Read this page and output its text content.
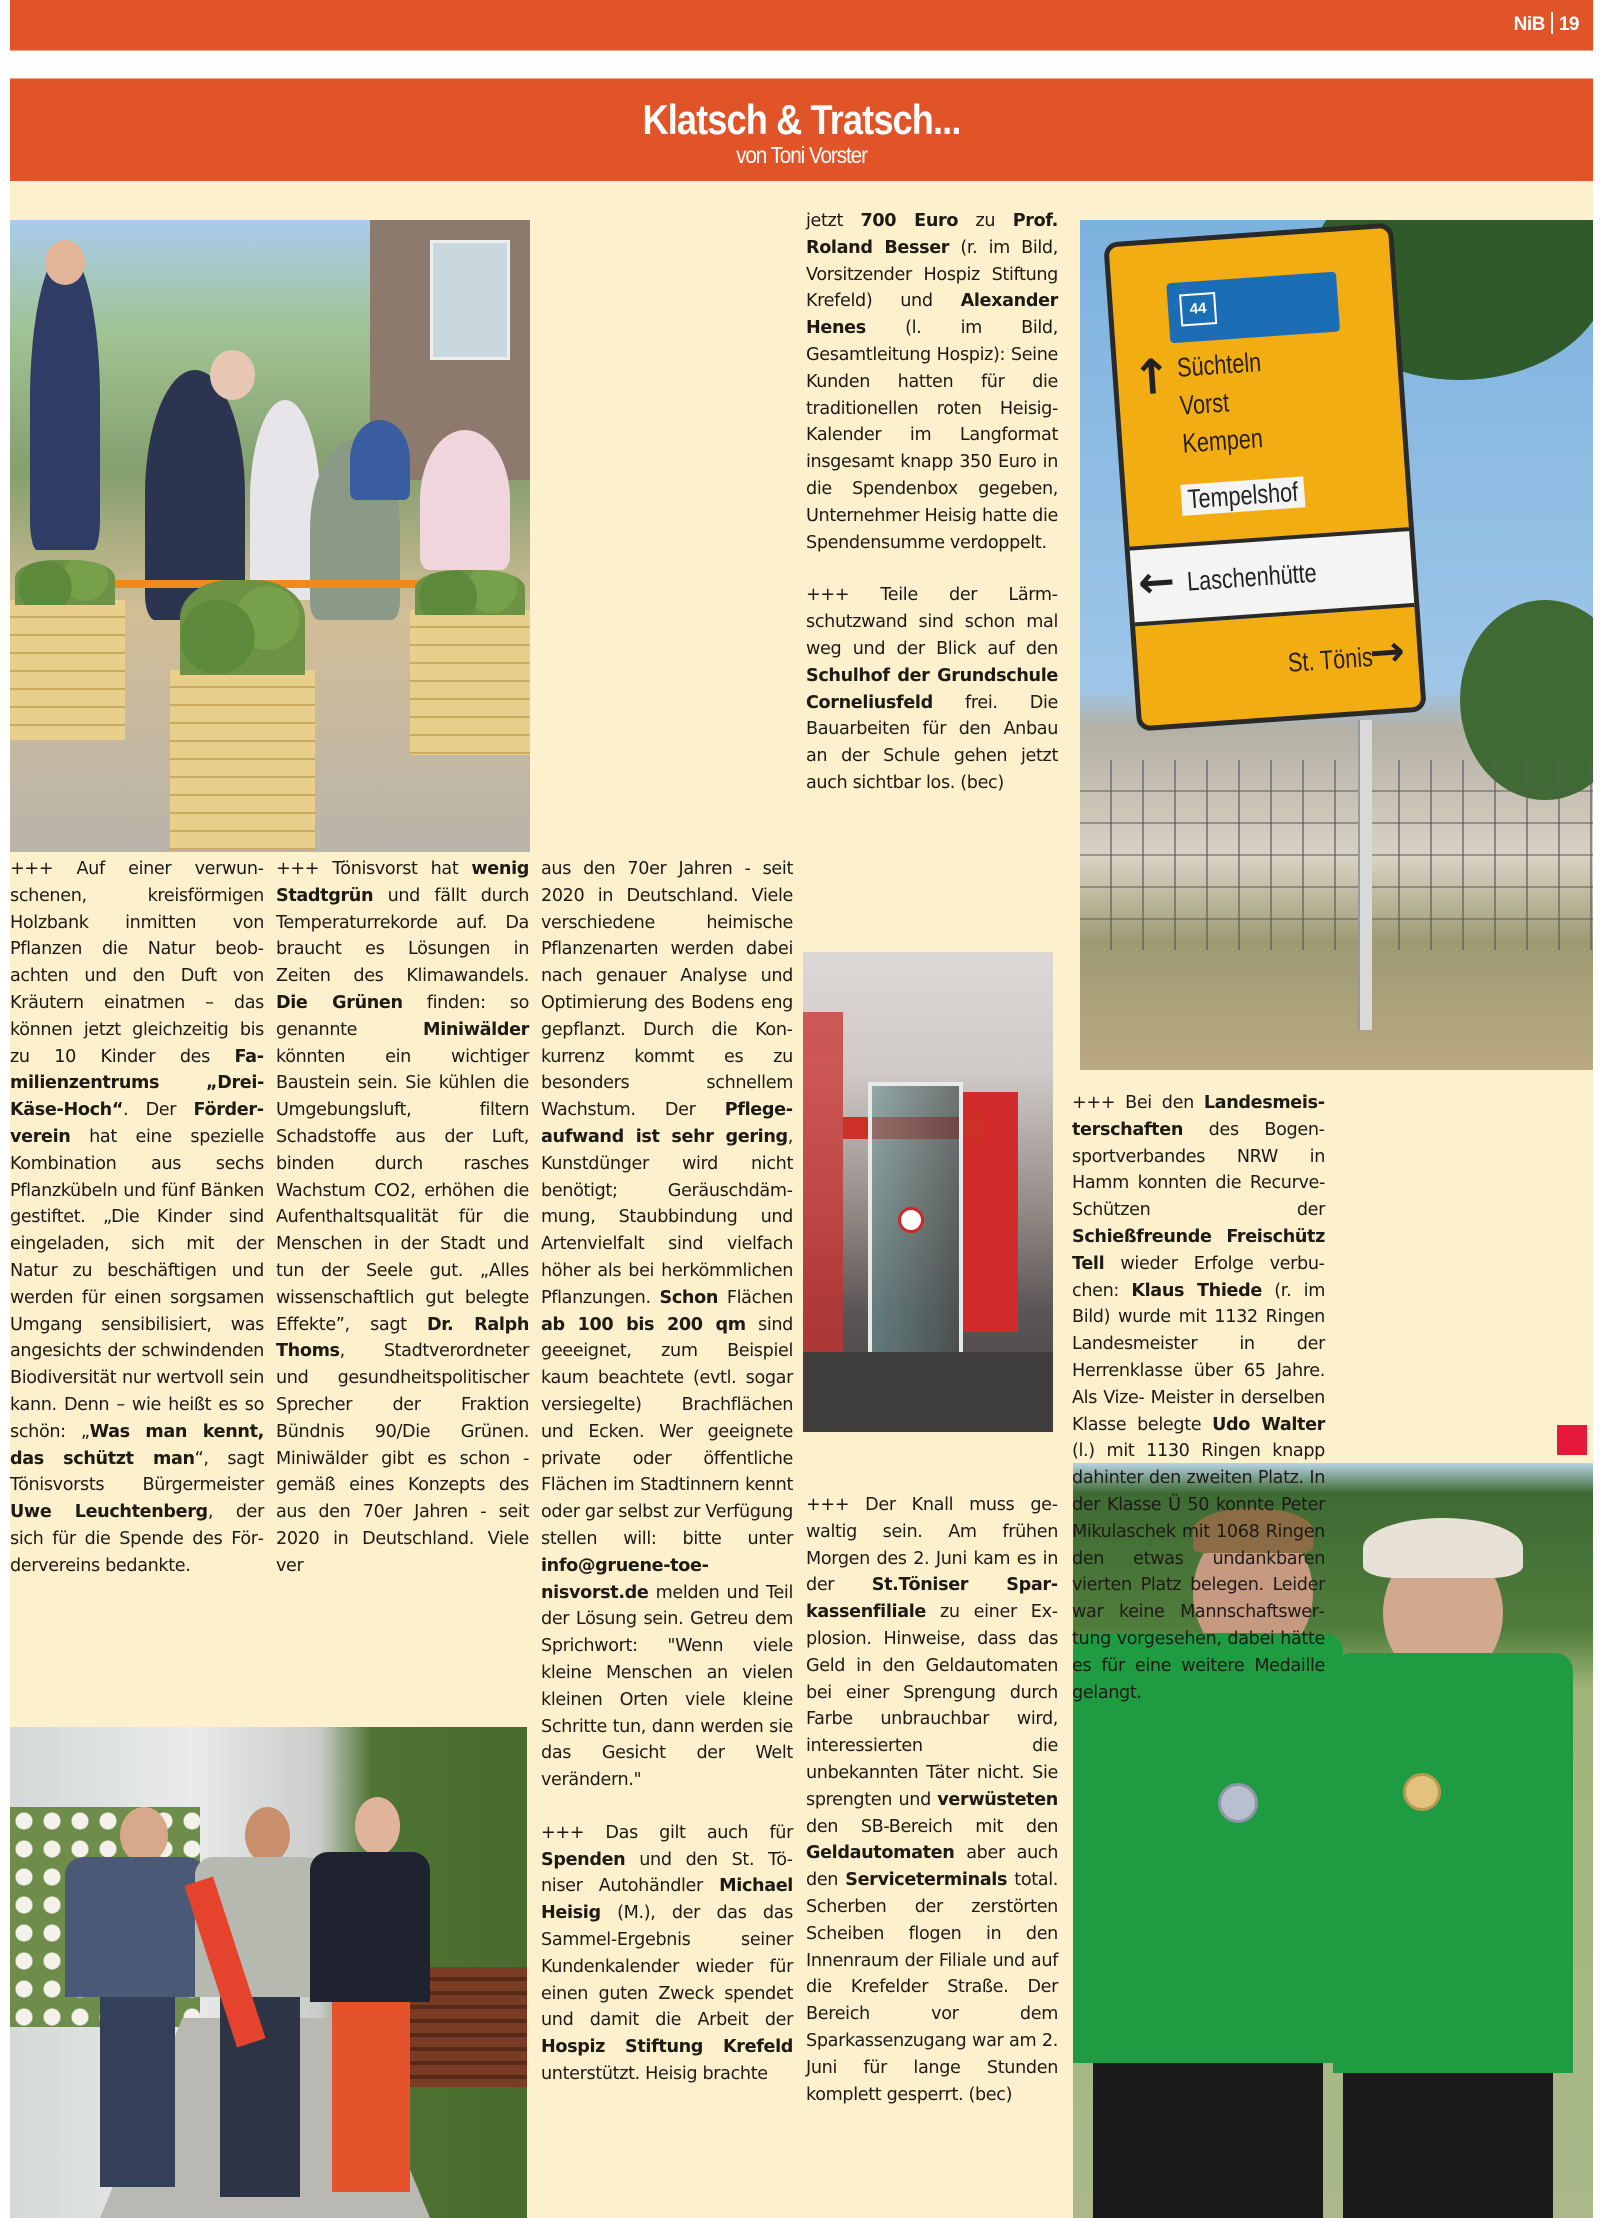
NiB 19
Klatsch & Tratsch...
von Toni Vorster
44
↑ Süchteln
Vorst
Kempen
Tempelshof
← Laschenhütte
St. Tönis
→

+++ Auf einer verwunschenen, kreisförmigen Holzbank inmitten von Pflanzen die Natur beobachten und den Duft von Kräutern einatmen – das können jetzt gleichzeitig bis zu 10 Kinder des Familienzentrums „Drei-Käse-Hoch“. Der Förderverein hat eine spezielle Kombination aus sechs Pflanzkübeln und fünf Bänken gestiftet. „Die Kinder sind eingeladen, sich mit der Natur zu beschäftigen und werden für einen sorgsamen Umgang sensibilisiert, was angesichts der schwindenden Biodiversität nur wertvoll sein kann. Denn – wie heißt es so schön: „Was man kennt, das schützt man“, sagt Tönisvorsts Bürgermeister Uwe Leuchtenberg, der sich für die Spende des Fördervereins bedankte.

+++ Tönisvorst hat wenig Stadtgrün und fällt durch Temperaturrekorde auf. Da braucht es Lösungen in Zeiten des Klimawandels. Die Grünen finden: so genannte Miniwälder könnten ein wichtiger Baustein sein. Sie kühlen die Umgebungsluft, filtern Schadstoffe aus der Luft, binden durch rasches Wachstum CO2, erhöhen die Aufenthaltsqualität für die Menschen in der Stadt und tun der Seele gut. „Alles wissenschaftlich gut belegte Effekte”, sagt Dr. Ralph Thoms, Stadtverordneter und gesundheitspolitischer Sprecher der Fraktion Bündnis 90/Die Grünen. Miniwälder gibt es schon - gemäß eines Konzepts des aus den 70er Jahren - seit 2020 in Deutschland. Viele ver

aus den 70er Jahren - seit 2020 in Deutschland. Viele verschiedene heimische Pflanzenarten werden dabei nach genauer Analyse und Optimierung des Bodens eng gepflanzt. Durch die Konkurrenz kommt es zu besonders schnellem Wachstum. Der Pflegeaufwand ist sehr gering, Kunstdünger wird nicht benötigt; Geräuschdämmung, Staubbindung und Artenvielfalt sind vielfach höher als bei herkömmlichen Pflanzungen. Schon Flächen ab 100 bis 200 qm sind geeeignet, zum Beispiel kaum beachtete (evtl. sogar versiegelte) Brachflächen und Ecken. Wer geeignete private oder öffentliche Flächen im Stadtinnern kennt oder gar selbst zur Verfügung stellen will: bitte unter info@gruene-toenisvorst.de melden und Teil der Lösung sein. Getreu dem Sprichwort: "Wenn viele kleine Menschen an vielen kleinen Orten viele kleine Schritte tun, dann werden sie das Gesicht der Welt verändern."

+++ Das gilt auch für Spenden und den St. Töniser Autohändler Michael Heisig (M.), der das das Sammel-Ergebnis seiner Kundenkalender wieder für einen guten Zweck spendet und damit die Arbeit der Hospiz Stiftung Krefeld unterstützt. Heisig brachte

jetzt 700 Euro zu Prof. Roland Besser (r. im Bild, Vorsitzender Hospiz Stiftung Krefeld) und Alexander Henes (l. im Bild, Gesamtleitung Hospiz): Seine Kunden hatten für die traditionellen roten Heisig-Kalender im Langformat insgesamt knapp 350 Euro in die Spendenbox gegeben, Unternehmer Heisig hatte die Spendensumme verdoppelt.

+++ Teile der Lärmschutzwand sind schon mal weg und der Blick auf den Schulhof der Grundschule Corneliusfeld frei. Die Bauarbeiten für den Anbau an der Schule gehen jetzt auch sichtbar los. (bec)

+++ Der Knall muss gewaltig sein. Am frühen Morgen des 2. Juni kam es in der St.Töniser Sparkassenfiliale zu einer Explosion. Hinweise, dass das Geld in den Geldautomaten bei einer Sprengung durch Farbe unbrauchbar wird, interessierten die unbekannten Täter nicht. Sie sprengten und verwüsteten den SB-Bereich mit den Geldautomaten aber auch den Serviceterminals total. Scherben der zerstörten Scheiben flogen in den Innenraum der Filiale und auf die Krefelder Straße. Der Bereich vor dem Sparkassenzugang war am 2. Juni für lange Stunden komplett gesperrt. (bec)

+++ Bei den Landesmeisterschaften des Bogensportverbandes NRW in Hamm konnten die Recurve-Schützen der Schießfreunde Freischütz Tell wieder Erfolge verbuchen: Klaus Thiede (r. im Bild) wurde mit 1132 Ringen Landesmeister in der Herrenklasse über 65 Jahre. Als Vize- Meister in derselben Klasse belegte Udo Walter (l.) mit 1130 Ringen knapp dahinter den zweiten Platz. In der Klasse Ü 50 konnte Peter Mikulaschek mit 1068 Ringen den etwas undankbaren vierten Platz belegen. Leider war keine Mannschaftswertung vorgesehen, dabei hätte es für eine weitere Medaille gelangt.
